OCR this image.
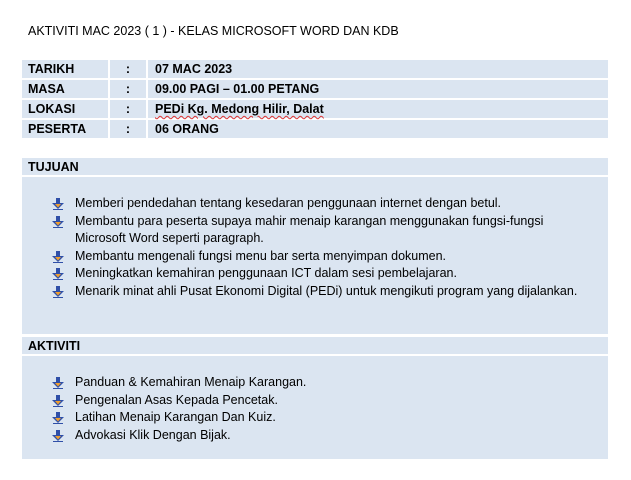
AKTIVITI MAC 2023 ( 1 ) - KELAS MICROSOFT WORD DAN KDB
TARIKH	:	07 MAC 2023
MASA	:	09.00 PAGI – 01.00 PETANG
LOKASI	:	PEDi Kg. Medong Hilir, Dalat
PESERTA	:	06 ORANG
TUJUAN
Memberi pendedahan tentang kesedaran penggunaan internet dengan betul.
Membantu para peserta supaya mahir menaip karangan menggunakan fungsi-fungsi Microsoft Word seperti paragraph.
Membantu mengenali fungsi menu bar serta menyimpan dokumen.
Meningkatkan kemahiran penggunaan ICT dalam sesi pembelajaran.
Menarik minat ahli Pusat Ekonomi Digital (PEDi) untuk mengikuti program yang dijalankan.
AKTIVITI
Panduan & Kemahiran Menaip Karangan.
Pengenalan Asas Kepada Pencetak.
Latihan Menaip Karangan Dan Kuiz.
Advokasi Klik Dengan Bijak.
